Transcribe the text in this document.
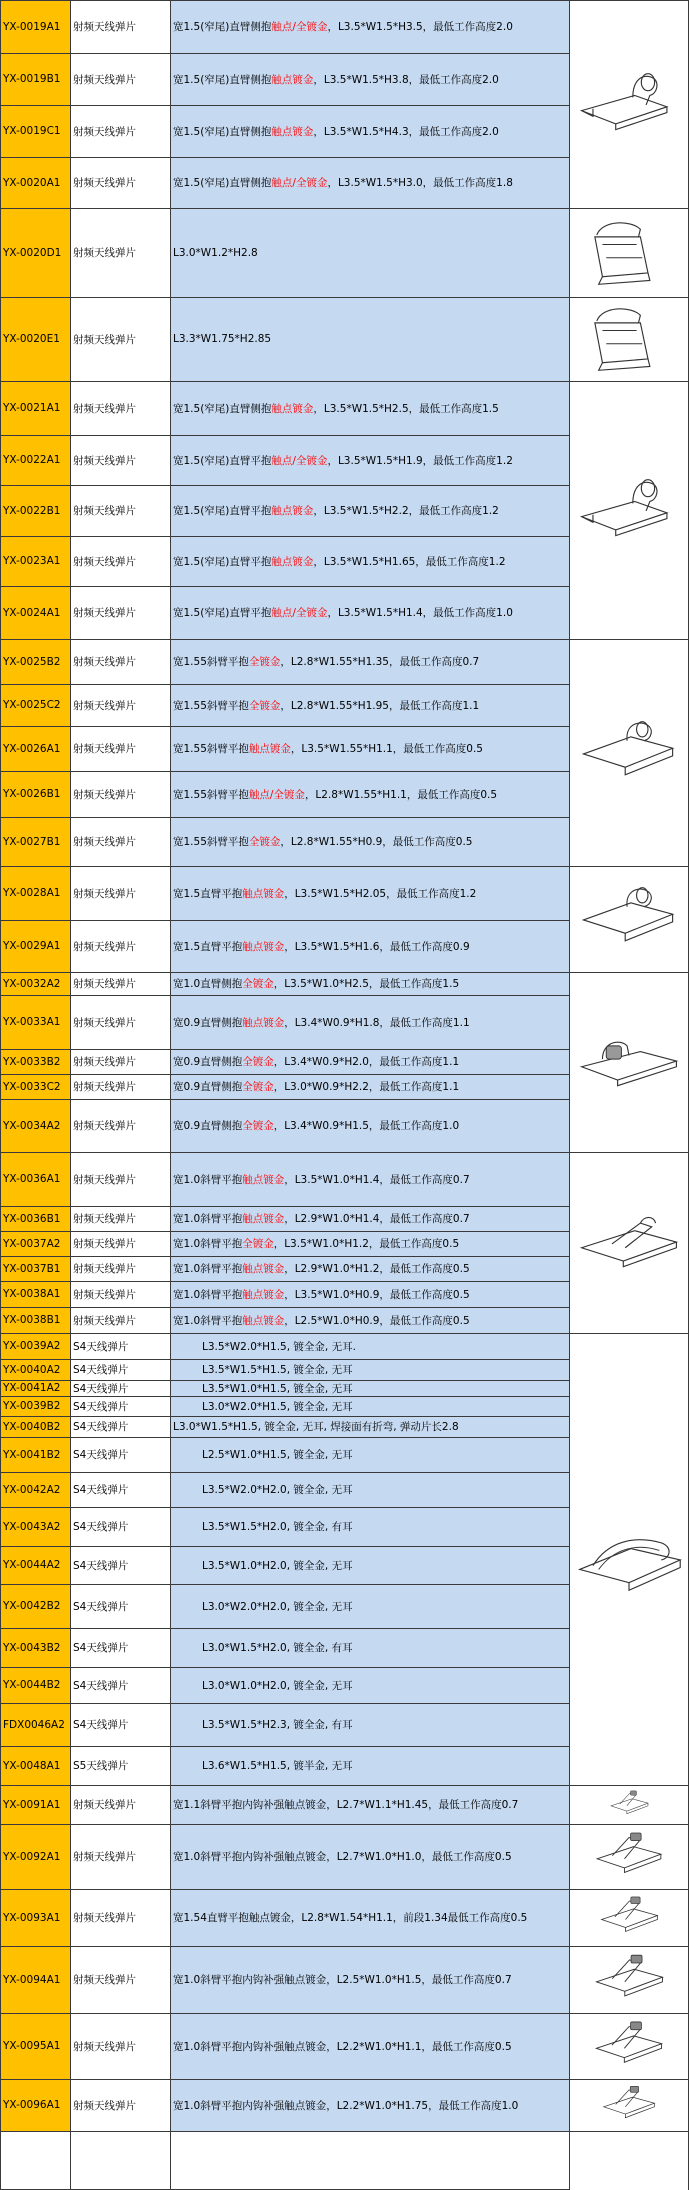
YX-0019A1 射频天线弹片	宽1.5(窄尾)直臂侧抱 触点/全镀金 ，L3.5*W1.5*H3.5，最低工作高度2.0
YX-0019B1 射频天线弹片	宽1.5(窄尾)直臂侧抱 触点镀金 ，L3.5*W1.5*H3.8，最低工作高度2.0
YX-0019C1 射频天线弹片	宽1.5(窄尾)直臂侧抱 触点镀金 ，L3.5*W1.5*H4.3，最低工作高度2.0
YX-0020A1 射频天线弹片	宽1.5(窄尾)直臂侧抱 触点/全镀金 ，L3.5*W1.5*H3.0，最低工作高度1.8
YX-0020D1 射频天线弹片	L3.0*W1.2*H2.8
YX-0020E1 射频天线弹片	L3.3*W1.75*H2.85
YX-0021A1 射频天线弹片	宽1.5(窄尾)直臂侧抱 触点镀金 ，L3.5*W1.5*H2.5，最低工作高度1.5
YX-0022A1 射频天线弹片	宽1.5(窄尾)直臂平抱 触点/全镀金 ，L3.5*W1.5*H1.9，最低工作高度1.2
YX-0022B1 射频天线弹片	宽1.5(窄尾)直臂平抱 触点镀金 ，L3.5*W1.5*H2.2，最低工作高度1.2
YX-0023A1 射频天线弹片	宽1.5(窄尾)直臂平抱 触点镀金 ，L3.5*W1.5*H1.65，最低工作高度1.2
YX-0024A1 射频天线弹片	宽1.5(窄尾)直臂平抱 触点/全镀金 ，L3.5*W1.5*H1.4，最低工作高度1.0
YX-0025B2 射频天线弹片	宽1.55斜臂平抱 全镀金 ，L2.8*W1.55*H1.35，最低工作高度0.7
YX-0025C2 射频天线弹片	宽1.55斜臂平抱 全镀金 ，L2.8*W1.55*H1.95，最低工作高度1.1
YX-0026A1 射频天线弹片	宽1.55斜臂平抱 触点镀金 ，L3.5*W1.55*H1.1，最低工作高度0.5
YX-0026B1 射频天线弹片	宽1.55斜臂平抱 触点/全镀金 ，L2.8*W1.55*H1.1，最低工作高度0.5
YX-0027B1 射频天线弹片	宽1.55斜臂平抱 全镀金 ，L2.8*W1.55*H0.9，最低工作高度0.5
YX-0028A1 射频天线弹片	宽1.5直臂平抱 触点镀金 ，L3.5*W1.5*H2.05，最低工作高度1.2
YX-0029A1 射频天线弹片	宽1.5直臂平抱 触点镀金 ，L3.5*W1.5*H1.6，最低工作高度0.9
YX-0032A2 射频天线弹片	宽1.0直臂侧抱 全镀金 ，L3.5*W1.0*H2.5，最低工作高度1.5
YX-0033A1 射频天线弹片	宽0.9直臂侧抱 触点镀金 ，L3.4*W0.9*H1.8，最低工作高度1.1
YX-0033B2 射频天线弹片	宽0.9直臂侧抱 全镀金 ，L3.4*W0.9*H2.0，最低工作高度1.1
YX-0033C2 射频天线弹片	宽0.9直臂侧抱 全镀金 ，L3.0*W0.9*H2.2，最低工作高度1.1
YX-0034A2 射频天线弹片	宽0.9直臂侧抱 全镀金 ，L3.4*W0.9*H1.5，最低工作高度1.0
YX-0036A1 射频天线弹片	宽1.0斜臂平抱 触点镀金 ，L3.5*W1.0*H1.4，最低工作高度0.7
YX-0036B1 射频天线弹片	宽1.0斜臂平抱 触点镀金 ，L2.9*W1.0*H1.4，最低工作高度0.7
YX-0037A2 射频天线弹片	宽1.0斜臂平抱 全镀金 ，L3.5*W1.0*H1.2，最低工作高度0.5
YX-0037B1 射频天线弹片	宽1.0斜臂平抱 触点镀金 ，L2.9*W1.0*H1.2，最低工作高度0.5
YX-0038A1 射频天线弹片	宽1.0斜臂平抱 触点镀金 ，L3.5*W1.0*H0.9，最低工作高度0.5
YX-0038B1 射频天线弹片	宽1.0斜臂平抱 触点镀金 ，L2.5*W1.0*H0.9，最低工作高度0.5
YX-0039A2 S4天线弹片	L3.5*W2.0*H1.5, 镀全金, 无耳.
YX-0040A2 S4天线弹片	L3.5*W1.5*H1.5, 镀全金, 无耳
YX-0041A2 S4天线弹片	L3.5*W1.0*H1.5, 镀全金, 无耳
YX-0039B2 S4天线弹片	L3.0*W2.0*H1.5, 镀全金, 无耳
YX-0040B2 S4天线弹片	L3.0*W1.5*H1.5, 镀全金, 无耳, 焊接面有折弯, 弹动片长2.8
YX-0041B2 S4天线弹片	L2.5*W1.0*H1.5, 镀全金, 无耳
YX-0042A2 S4天线弹片	L3.5*W2.0*H2.0, 镀全金, 无耳
YX-0043A2 S4天线弹片	L3.5*W1.5*H2.0, 镀全金, 有耳
YX-0044A2 S4天线弹片	L3.5*W1.0*H2.0, 镀全金, 无耳
YX-0042B2 S4天线弹片	L3.0*W2.0*H2.0, 镀全金, 无耳
YX-0043B2 S4天线弹片	L3.0*W1.5*H2.0, 镀全金, 有耳
YX-0044B2 S4天线弹片	L3.0*W1.0*H2.0, 镀全金, 无耳
FDX0046A2 S4天线弹片	L3.5*W1.5*H2.3, 镀全金, 有耳
YX-0048A1 S5天线弹片	L3.6*W1.5*H1.5, 镀半金, 无耳
YX-0091A1 射频天线弹片	宽1.1斜臂平抱内钩补强触点镀金，L2.7*W1.1*H1.45，最低工作高度0.7
YX-0092A1 射频天线弹片	宽1.0斜臂平抱内钩补强触点镀金，L2.7*W1.0*H1.0，最低工作高度0.5
YX-0093A1 射频天线弹片	宽1.54直臂平抱触点镀金，L2.8*W1.54*H1.1，前段1.34最低工作高度0.5
YX-0094A1 射频天线弹片	宽1.0斜臂平抱内钩补强触点镀金，L2.5*W1.0*H1.5，最低工作高度0.7
YX-0095A1 射频天线弹片	宽1.0斜臂平抱内钩补强触点镀金，L2.2*W1.0*H1.1，最低工作高度0.5
YX-0096A1 射频天线弹片	宽1.0斜臂平抱内钩补强触点镀金，L2.2*W1.0*H1.75，最低工作高度1.0
